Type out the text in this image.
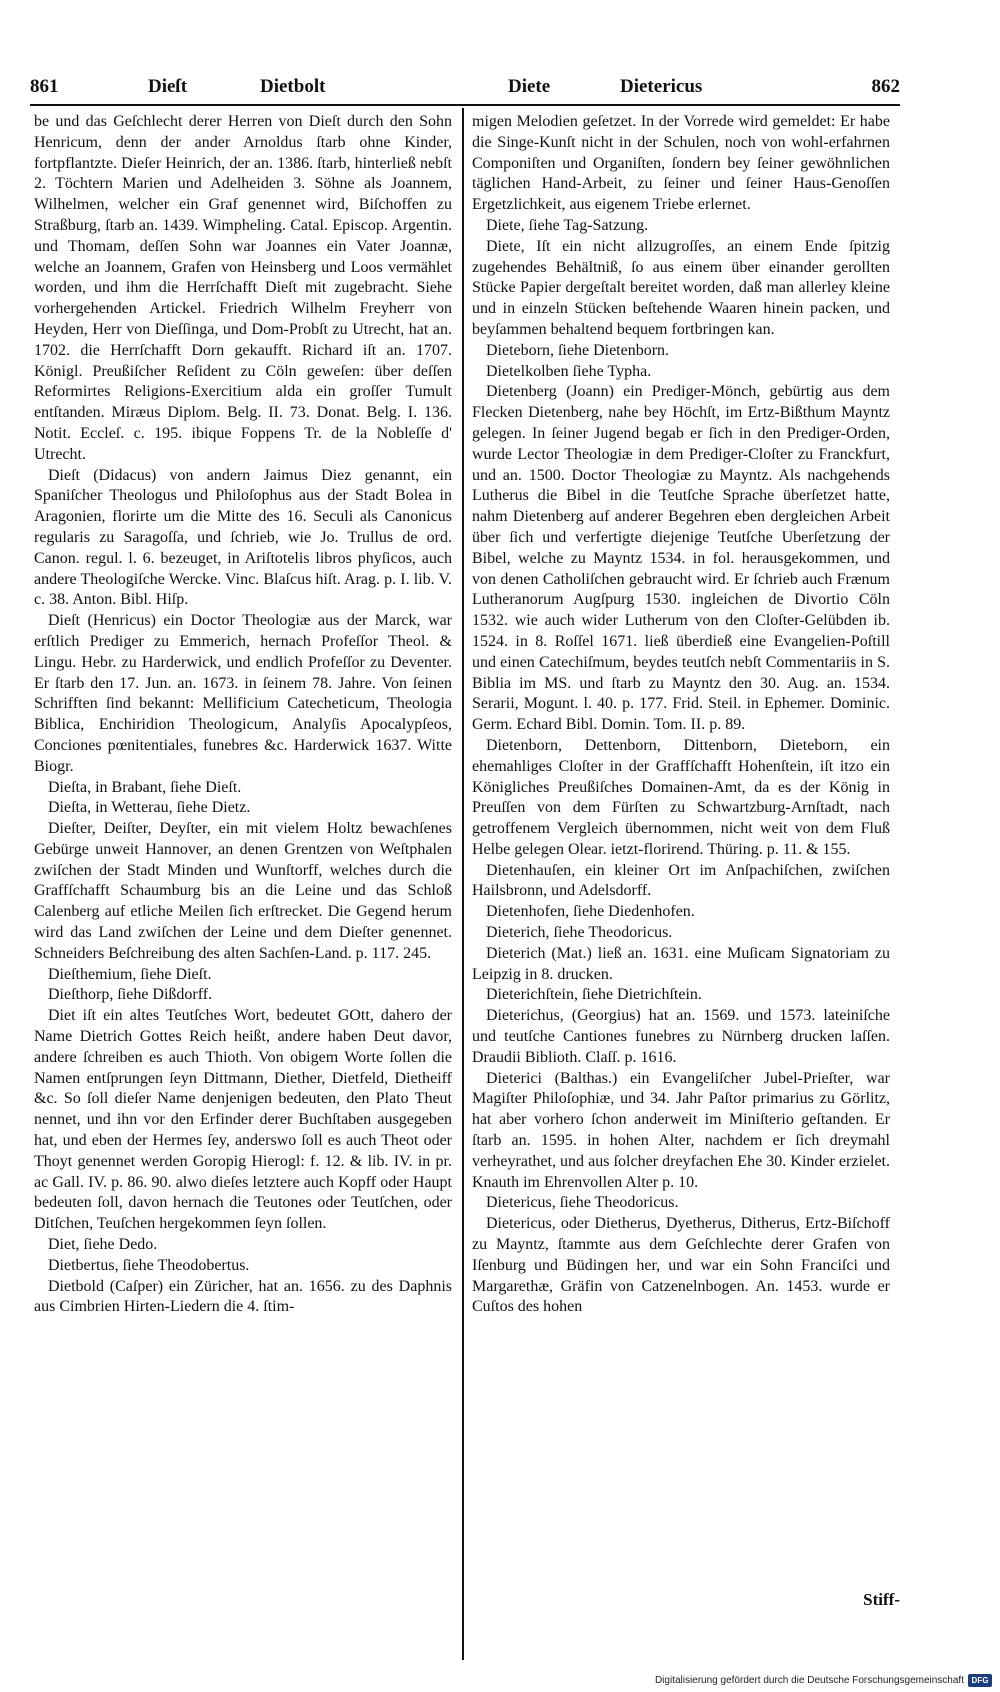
861	Dieſt	Dietbolt	Diete	Dietericus	862

be und das Geſchlecht derer Herren von Dieſt durch den Sohn Henricum, denn der ander Arnoldus ſtarb ohne Kinder, fortpflantzte. Dieſer Heinrich, der an. 1386. ſtarb, hinterließ nebſt 2. Töchtern Marien und Adelheiden 3. Söhne als Joannem, Wilhelmen, welcher ein Graf genennet wird, Biſchoffen zu Straßburg, ſtarb an. 1439. Wimpheling. Catal. Episcop. Argentin. und Thomam, deſſen Sohn war Joannes ein Vater Joannæ, welche an Joannem, Grafen von Heinsberg und Loos vermählet worden, und ihm die Herrſchafft Dieſt mit zugebracht. Siehe vorhergehenden Artickel. Friedrich Wilhelm Freyherr von Heyden, Herr von Dieſſinga, und Dom-Probſt zu Utrecht, hat an. 1702. die Herrſchafft Dorn gekaufft. Richard iſt an. 1707. Königl. Preußiſcher Reſident zu Cöln geweſen: über deſſen Reformirtes Religions-Exercitium alda ein groſſer Tumult entſtanden. Miræus Diplom. Belg. II. 73. Donat. Belg. I. 136. Notit. Eccleſ. c. 195. ibique Foppens Tr. de la Nobleſſe d' Utrecht.

Dieſt (Didacus) von andern Jaimus Diez genannt, ein Spaniſcher Theologus und Philoſophus aus der Stadt Bolea in Aragonien, florirte um die Mitte des 16. Seculi als Canonicus regularis zu Saragoſſa, und ſchrieb, wie Jo. Trullus de ord. Canon. regul. l. 6. bezeuget, in Ariſtotelis libros phyſicos, auch andere Theologiſche Wercke. Vinc. Blaſcus hiſt. Arag. p. I. lib. V. c. 38. Anton. Bibl. Hiſp.

Dieſt (Henricus) ein Doctor Theologiæ aus der Marck, war erſtlich Prediger zu Emmerich, hernach Profeſſor Theol. & Lingu. Hebr. zu Harderwick, und endlich Profeſſor zu Deventer. Er ſtarb den 17. Jun. an. 1673. in ſeinem 78. Jahre. Von ſeinen Schrifften ſind bekannt: Mellificium Catecheticum, Theologia Biblica, Enchiridion Theologicum, Analyſis Apocalypſeos, Conciones pœnitentiales, funebres &c. Harderwick 1637. Witte Biogr.

Dieſta, in Brabant, ſiehe Dieſt.

Dieſta, in Wetterau, ſiehe Dietz.

Dieſter, Deiſter, Deyſter, ein mit vielem Holtz bewachſenes Gebürge unweit Hannover, an denen Grentzen von Weſtphalen zwiſchen der Stadt Minden und Wunſtorff, welches durch die Graffſchafft Schaumburg bis an die Leine und das Schloß Calenberg auf etliche Meilen ſich erſtrecket. Die Gegend herum wird das Land zwiſchen der Leine und dem Dieſter genennet. Schneiders Beſchreibung des alten Sachſen-Land. p. 117. 245.

Dieſthemium, ſiehe Dieſt.

Dieſthorp, ſiehe Dißdorff.

Diet iſt ein altes Teutſches Wort, bedeutet GOtt, dahero der Name Dietrich Gottes Reich heißt, andere haben Deut davor, andere ſchreiben es auch Thioth. Von obigem Worte ſollen die Namen entſprungen ſeyn Dittmann, Diether, Dietfeld, Dietheiff &c. So ſoll dieſer Name denjenigen bedeuten, den Plato Theut nennet, und ihn vor den Erfinder derer Buchſtaben ausgegeben hat, und eben der Hermes ſey, anderswo ſoll es auch Theot oder Thoyt genennet werden Goropig Hierogl: f. 12. & lib. IV. in pr. ac Gall. IV. p. 86. 90. alwo dieſes letztere auch Kopff oder Haupt bedeuten ſoll, davon hernach die Teutones oder Teutſchen, oder Ditſchen, Teuſchen hergekommen ſeyn ſollen.

Diet, ſiehe Dedo.

Dietbertus, ſiehe Theodobertus.

Dietbold (Caſper) ein Züricher, hat an. 1656. zu des Daphnis aus Cimbrien Hirten-Liedern die 4. ſtim-

migen Melodien geſetzet. In der Vorrede wird gemeldet: Er habe die Singe-Kunſt nicht in der Schulen, noch von wohl-erfahrnen Componiſten und Organiſten, ſondern bey ſeiner gewöhnlichen täglichen Hand-Arbeit, zu ſeiner und ſeiner Haus-Genoſſen Ergetzlichkeit, aus eigenem Triebe erlernet.

Diete, ſiehe Tag-Satzung.

Diete, Iſt ein nicht allzugroſſes, an einem Ende ſpitzig zugehendes Behältniß, ſo aus einem über einander gerollten Stücke Papier dergeſtalt bereitet worden, daß man allerley kleine und in einzeln Stücken beſtehende Waaren hinein packen, und beyſammen behaltend bequem fortbringen kan.

Dieteborn, ſiehe Dietenborn.

Dietelkolben ſiehe Typha.

Dietenberg (Joann) ein Prediger-Mönch, gebürtig aus dem Flecken Dietenberg, nahe bey Höchſt, im Ertz-Bißthum Mayntz gelegen. In ſeiner Jugend begab er ſich in den Prediger-Orden, wurde Lector Theologiæ in dem Prediger-Cloſter zu Franckfurt, und an. 1500. Doctor Theologiæ zu Mayntz. Als nachgehends Lutherus die Bibel in die Teutſche Sprache überſetzet hatte, nahm Dietenberg auf anderer Begehren eben dergleichen Arbeit über ſich und verfertigte diejenige Teutſche Uberſetzung der Bibel, welche zu Mayntz 1534. in fol. herausgekommen, und von denen Catholiſchen gebraucht wird. Er ſchrieb auch Frænum Lutheranorum Augſpurg 1530. ingleichen de Divortio Cöln 1532. wie auch wider Lutherum von den Cloſter-Gelübden ib. 1524. in 8. Roſſel 1671. ließ überdieß eine Evangelien-Poſtill und einen Catechiſmum, beydes teutſch nebſt Commentariis in S. Biblia im MS. und ſtarb zu Mayntz den 30. Aug. an. 1534. Serarii, Mogunt. l. 40. p. 177. Frid. Steil. in Ephemer. Dominic. Germ. Echard Bibl. Domin. Tom. II. p. 89.

Dietenborn, Dettenborn, Dittenborn, Dieteborn, ein ehemahliges Cloſter in der Graffſchafft Hohenſtein, iſt itzo ein Königliches Preußiſches Domainen-Amt, da es der König in Preuſſen von dem Fürſten zu Schwartzburg-Arnſtadt, nach getroffenem Vergleich übernommen, nicht weit von dem Fluß Helbe gelegen Olear. ietzt-florirend. Thüring. p. 11. & 155.

Dietenhauſen, ein kleiner Ort im Anſpachiſchen, zwiſchen Hailsbronn, und Adelsdorff.

Dietenhofen, ſiehe Diedenhofen.

Dieterich, ſiehe Theodoricus.

Dieterich (Mat.) ließ an. 1631. eine Muſicam Signatoriam zu Leipzig in 8. drucken.

Dieterichſtein, ſiehe Dietrichſtein.

Dieterichus, (Georgius) hat an. 1569. und 1573. lateiniſche und teutſche Cantiones funebres zu Nürnberg drucken laſſen. Draudii Biblioth. Claſſ. p. 1616.

Dieterici (Balthas.) ein Evangeliſcher Jubel-Prieſter, war Magiſter Philoſophiæ, und 34. Jahr Paſtor primarius zu Görlitz, hat aber vorhero ſchon anderweit im Miniſterio geſtanden. Er ſtarb an. 1595. in hohen Alter, nachdem er ſich dreymahl verheyrathet, und aus ſolcher dreyfachen Ehe 30. Kinder erzielet. Knauth im Ehrenvollen Alter p. 10.

Dietericus, ſiehe Theodoricus.

Dietericus, oder Dietherus, Dyetherus, Ditherus, Ertz-Biſchoff zu Mayntz, ſtammte aus dem Geſchlechte derer Grafen von Iſenburg und Büdingen her, und war ein Sohn Franciſci und Margarethæ, Gräfin von Catzenelnbogen. An. 1453. wurde er Cuſtos des hohen

Stiff-
Digitalisierung gefördert durch die Deutsche Forschungsgemeinschaft DFG
